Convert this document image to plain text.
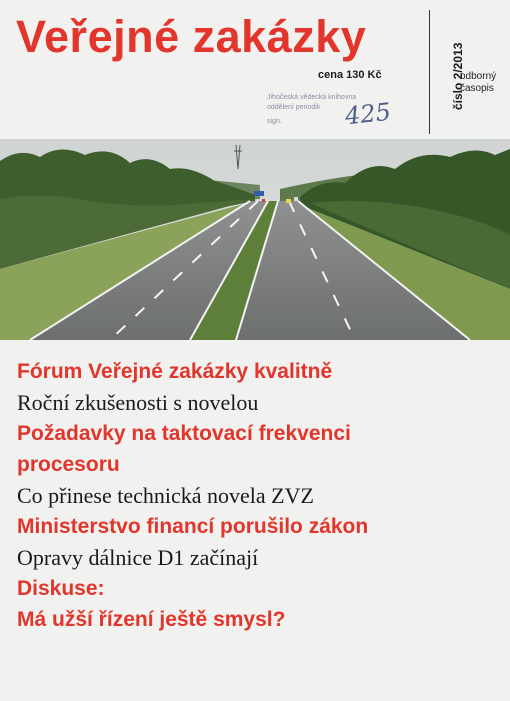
Veřejné zakázky
cena 130 Kč	číslo 2/2013
odborný
časopis
Jihočeská vědecká knihovna
oddělení periodik
sign.	425

Fórum Veřejné zakázky kvalitně

Roční zkušenosti s novelou

Požadavky na taktovací frekvenci

procesoru

Co přinese technická novela ZVZ

Ministerstvo financí porušilo zákon

Opravy dálnice D1 začínají

Diskuse:

Má užší řízení ještě smysl?
